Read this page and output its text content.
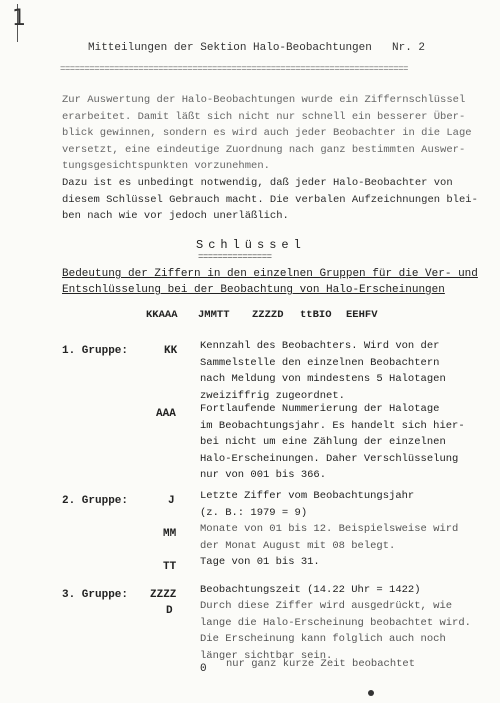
1
Mitteilungen der Sektion Halo-Beobachtungen Nr. 2
=======================================================================
Zur Auswertung der Halo-Beobachtungen wurde ein Ziffernschlüssel
erarbeitet. Damit läßt sich nicht nur schnell ein besserer Über-
blick gewinnen, sondern es wird auch jeder Beobachter in die Lage
versetzt, eine eindeutige Zuordnung nach ganz bestimmten Auswer-
tungsgesichtspunkten vorzunehmen.
Dazu ist es unbedingt notwendig, daß jeder Halo-Beobachter von
diesem Schlüssel Gebrauch macht. Die verbalen Aufzeichnungen blei-
ben nach wie vor jedoch unerläßlich.
Schlüssel
===============
Bedeutung der Ziffern in den einzelnen Gruppen für die Ver- und
Entschlüsselung bei der Beobachtung von Halo-Erscheinungen
KKAAA JMMTT ZZZZD ttBIO EEHFV
1. Gruppe:	KK Kennzahl des Beobachters. Wird von der
Sammelstelle den einzelnen Beobachtern
nach Meldung von mindestens 5 Halotagen
zweiziffrig zugeordnet.
AAA Fortlaufende Nummerierung der Halotage
im Beobachtungsjahr. Es handelt sich hier-
bei nicht um eine Zählung der einzelnen
Halo-Erscheinungen. Daher Verschlüsselung
nur von 001 bis 366.
2. Gruppe:	J Letzte Ziffer vom Beobachtungsjahr
(z. B.: 1979 = 9)
MM Monate von 01 bis 12. Beispielsweise wird
der Monat August mit 08 belegt.
TT Tage von 01 bis 31.
3. Gruppe: ZZZZ Beobachtungszeit (14.22 Uhr = 1422)
D	Durch diese Ziffer wird ausgedrückt, wie
lange die Halo-Erscheinung beobachtet wird.
Die Erscheinung kann folglich auch noch
länger sichtbar sein.
0 nur ganz kurze Zeit beobachtet
